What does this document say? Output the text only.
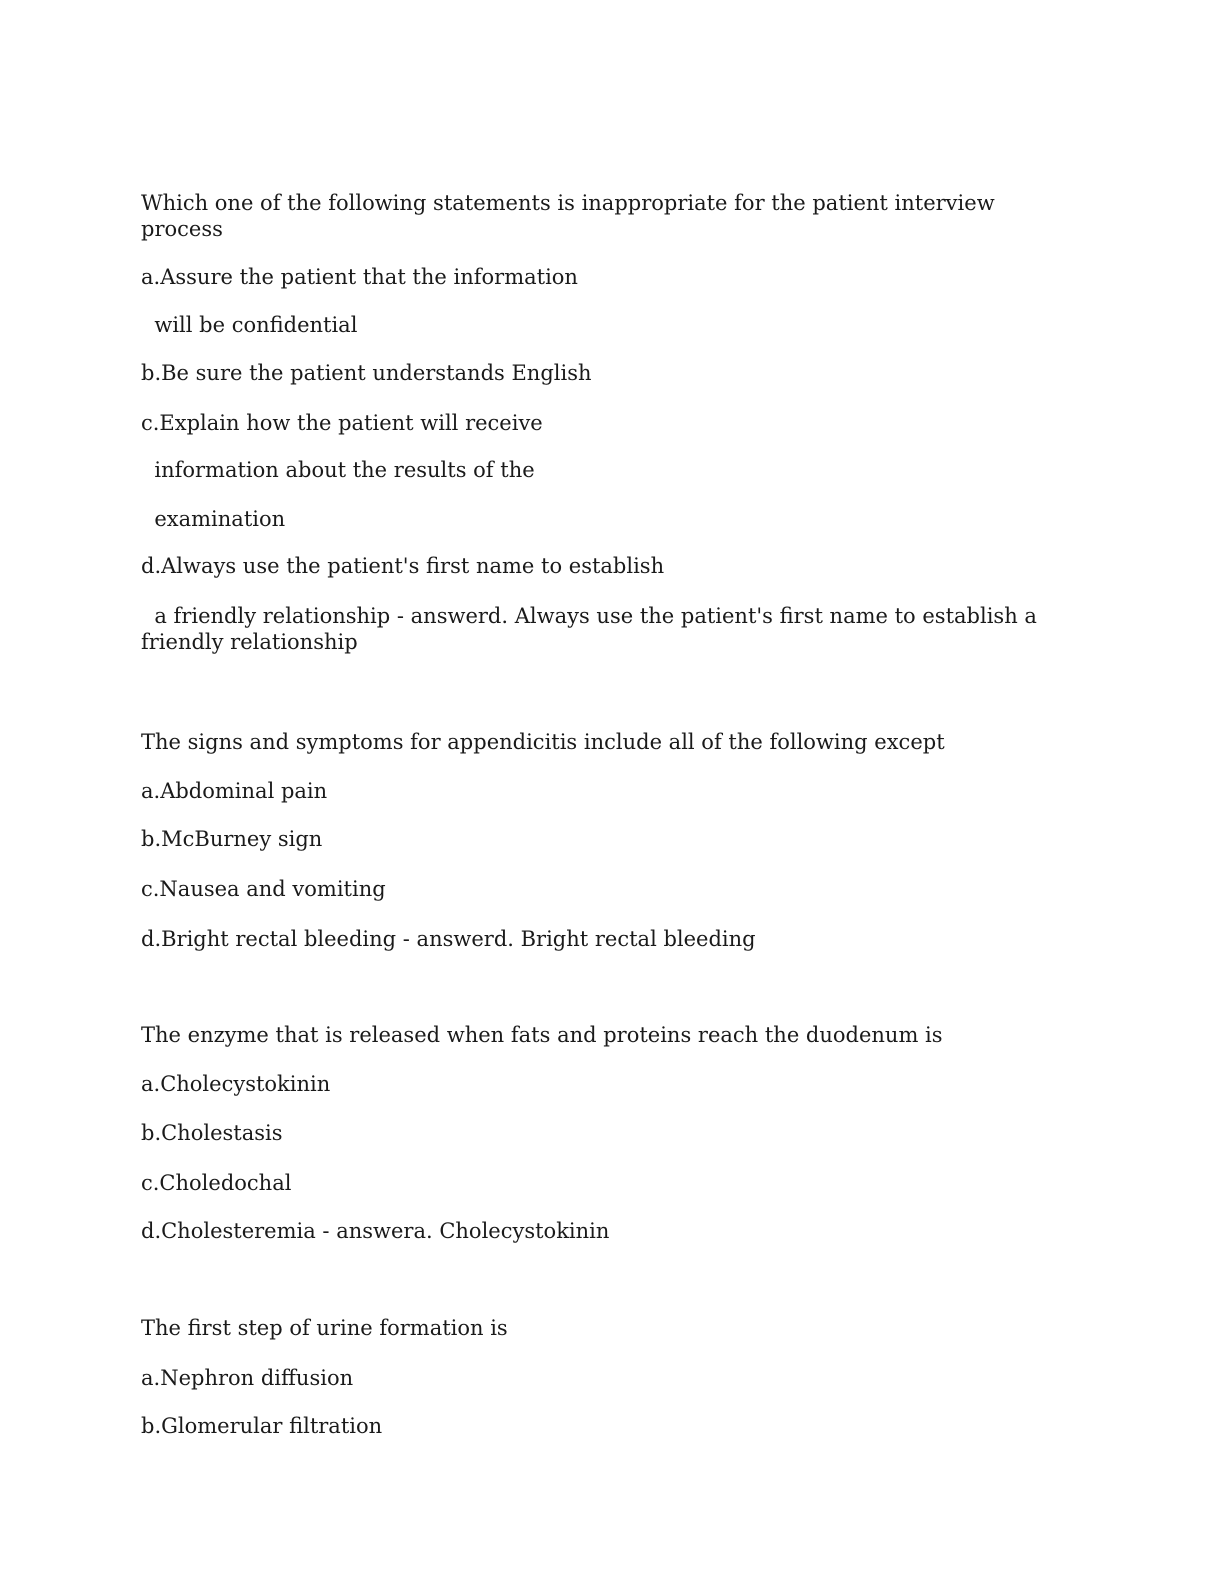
Which one of the following statements is inappropriate for the patient interview process

a.Assure the patient that the information

will be confidential

b.Be sure the patient understands English

c.Explain how the patient will receive

information about the results of the

examination

d.Always use the patient's first name to establish

a friendly relationship - answerd. Always use the patient's first name to establish a friendly relationship

The signs and symptoms for appendicitis include all of the following except

a.Abdominal pain

b.McBurney sign

c.Nausea and vomiting

d.Bright rectal bleeding - answerd. Bright rectal bleeding

The enzyme that is released when fats and proteins reach the duodenum is

a.Cholecystokinin

b.Cholestasis

c.Choledochal

d.Cholesteremia - answera. Cholecystokinin

The first step of urine formation is

a.Nephron diffusion

b.Glomerular filtration
